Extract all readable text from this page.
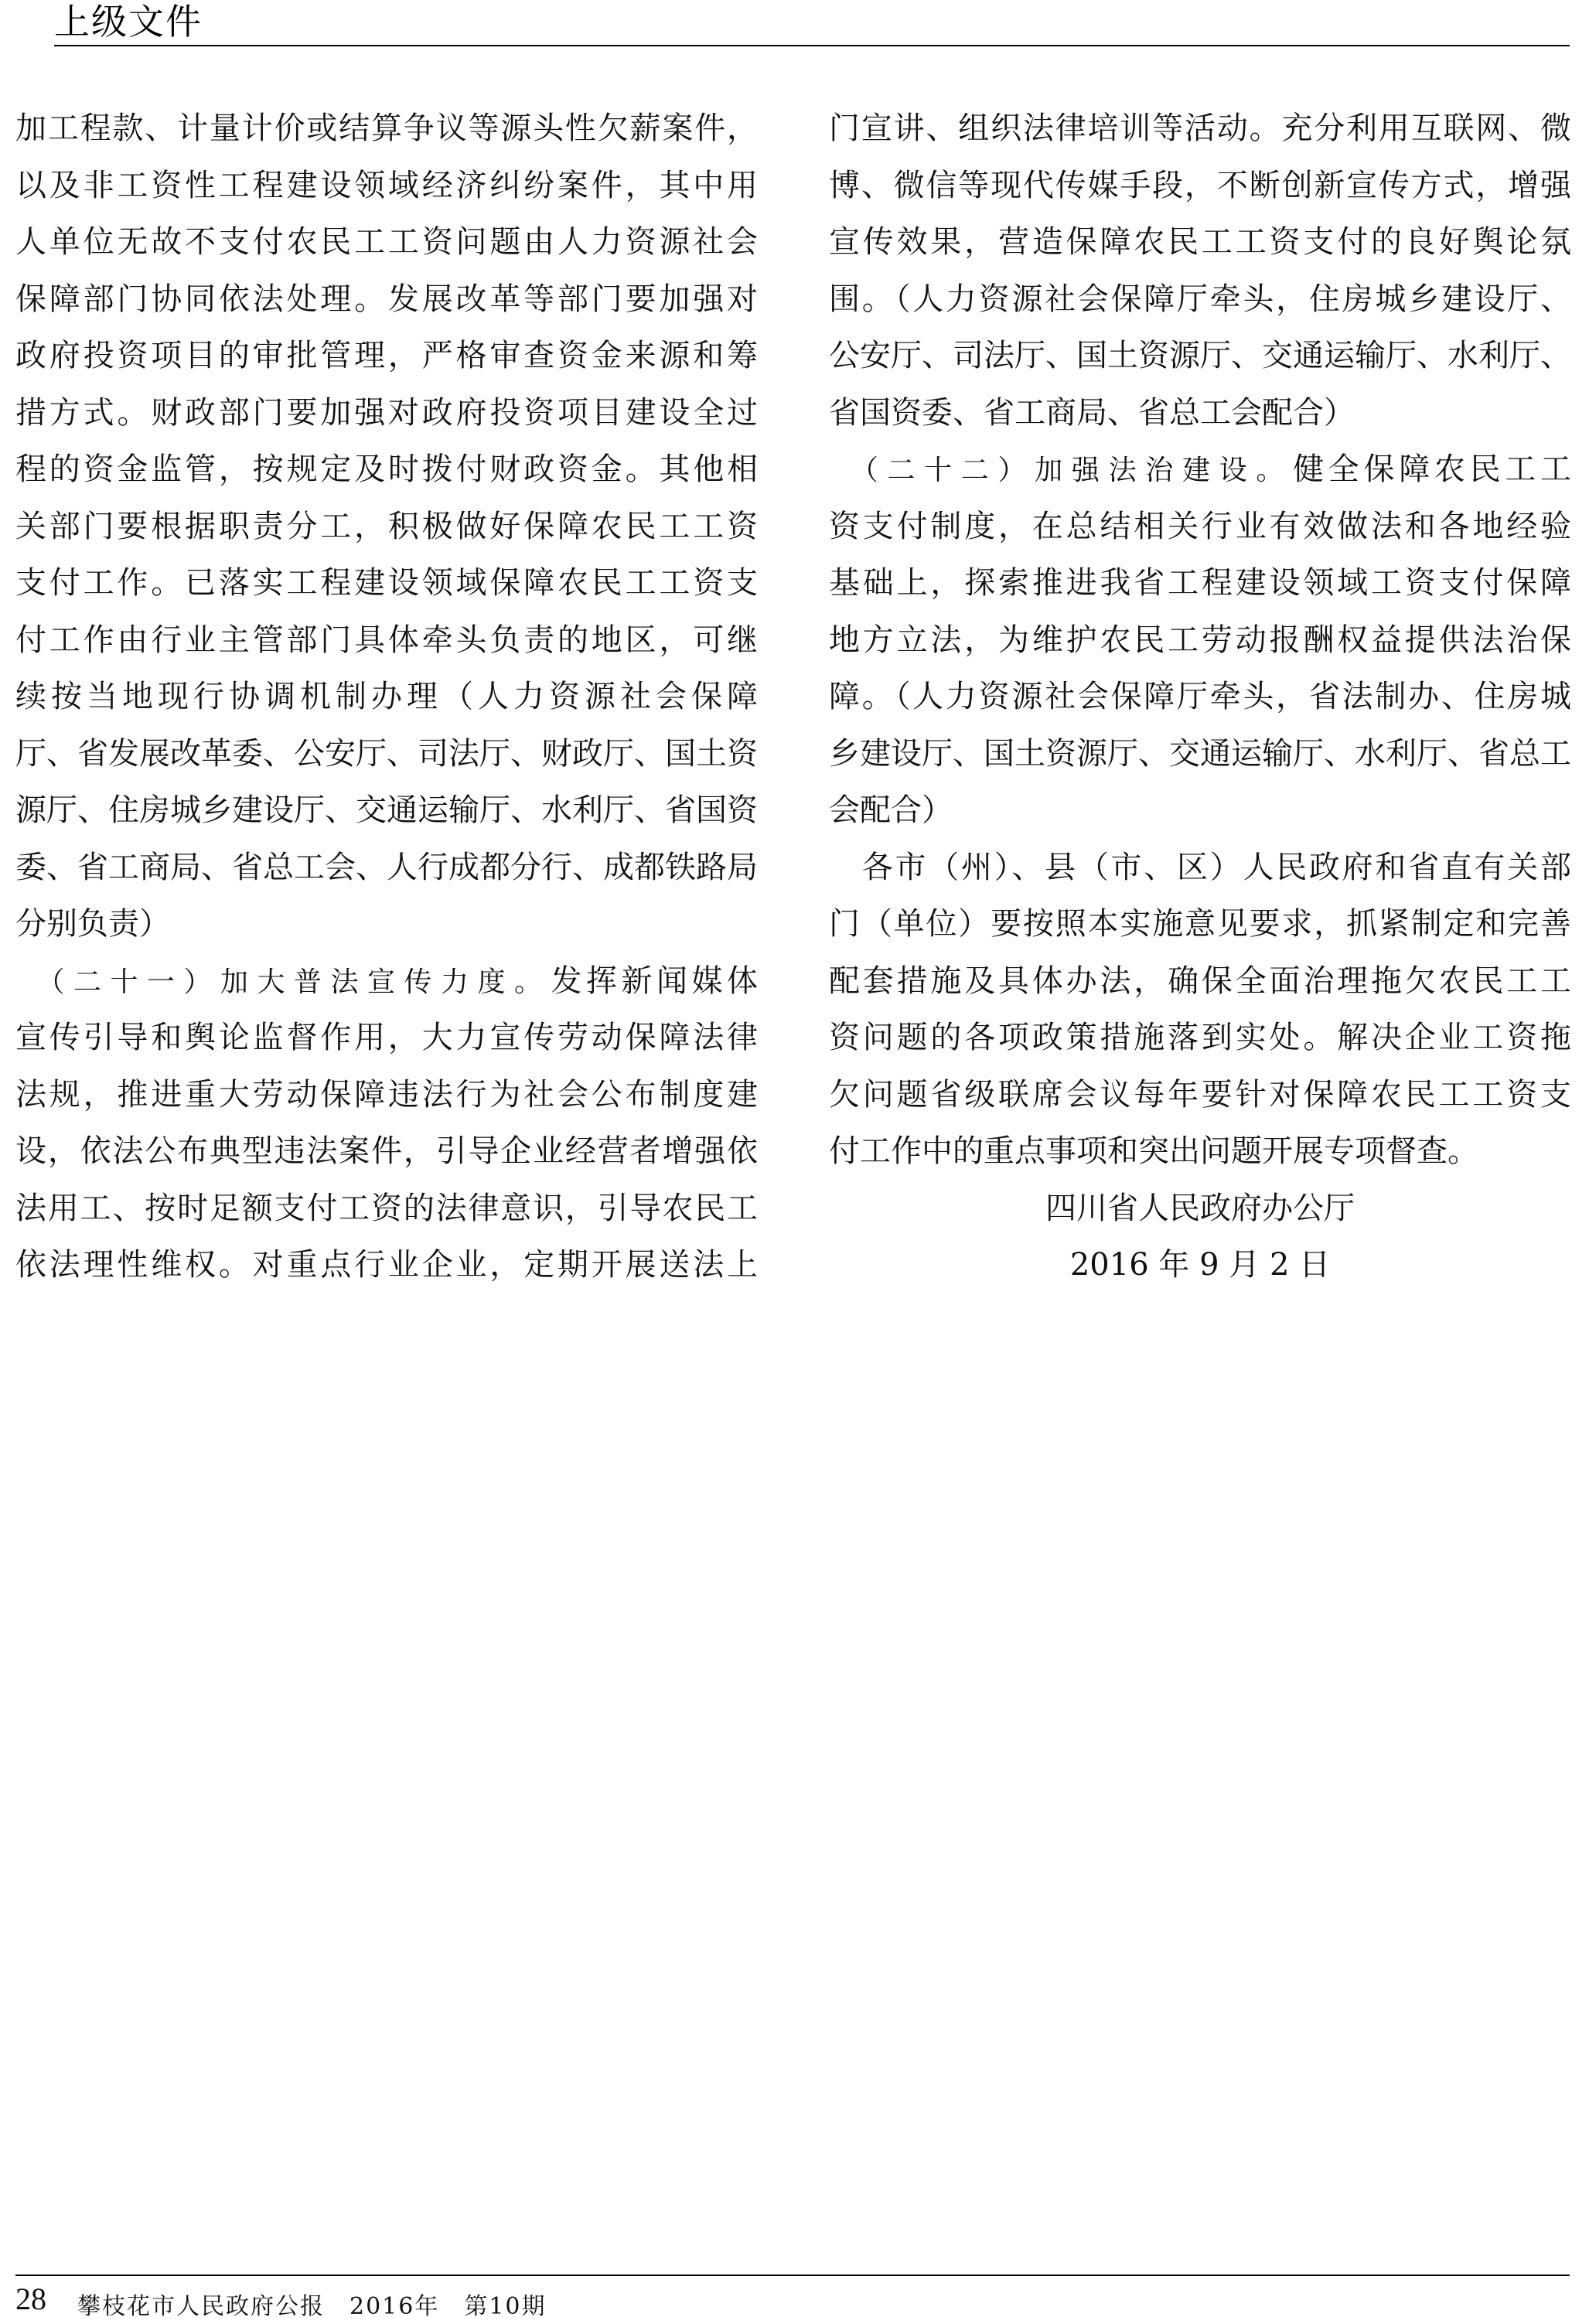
上级文件
加工程款、计量计价或结算争议等源头性欠薪案件，
以及非工资性工程建设领域经济纠纷案件，其中用
人单位无故不支付农民工工资问题由人力资源社会
保障部门协同依法处理。发展改革等部门要加强对
政府投资项目的审批管理，严格审查资金来源和筹
措方式。财政部门要加强对政府投资项目建设全过
程的资金监管，按规定及时拨付财政资金。其他相
关部门要根据职责分工，积极做好保障农民工工资
支付工作。已落实工程建设领域保障农民工工资支
付工作由行业主管部门具体牵头负责的地区，可继
续按当地现行协调机制办理（人力资源社会保障
厅、省发展改革委、公安厅、司法厅、财政厅、国土资
源厅、住房城乡建设厅、交通运输厅、水利厅、省国资
委、省工商局、省总工会、人行成都分行、成都铁路局
分别负责）
　（二十一）加大普法宣传力度。发挥新闻媒体
宣传引导和舆论监督作用，大力宣传劳动保障法律
法规，推进重大劳动保障违法行为社会公布制度建
设，依法公布典型违法案件，引导企业经营者增强依
法用工、按时足额支付工资的法律意识，引导农民工
依法理性维权。对重点行业企业，定期开展送法上
门宣讲、组织法律培训等活动。充分利用互联网、微
博、微信等现代传媒手段，不断创新宣传方式，增强
宣传效果，营造保障农民工工资支付的良好舆论氛
围。（人力资源社会保障厅牵头，住房城乡建设厅、
公安厅、司法厅、国土资源厅、交通运输厅、水利厅、
省国资委、省工商局、省总工会配合）
　（二十二）加强法治建设。健全保障农民工工
资支付制度，在总结相关行业有效做法和各地经验
基础上，探索推进我省工程建设领域工资支付保障
地方立法，为维护农民工劳动报酬权益提供法治保
障。（人力资源社会保障厅牵头，省法制办、住房城
乡建设厅、国土资源厅、交通运输厅、水利厅、省总工
会配合）
　各市（州）、县（市、区）人民政府和省直有关部
门（单位）要按照本实施意见要求，抓紧制定和完善
配套措施及具体办法，确保全面治理拖欠农民工工
资问题的各项政策措施落到实处。解决企业工资拖
欠问题省级联席会议每年要针对保障农民工工资支
付工作中的重点事项和突出问题开展专项督查。
四川省人民政府办公厅
2016 年 9 月 2 日
28 攀枝花市人民政府公报　2016年　第10期
